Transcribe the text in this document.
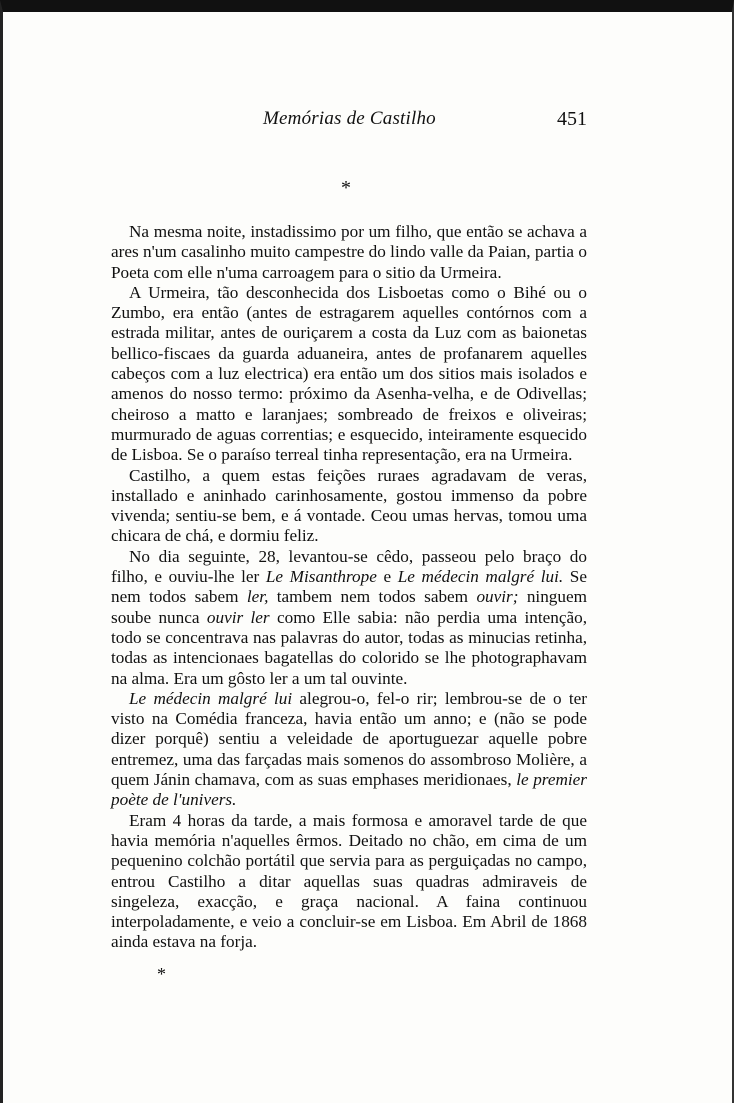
Memórias de Castilho	451
*

Na mesma noite, instadissimo por um filho, que então se achava a ares n'um casalinho muito campestre do lindo valle da Paian, partia o Poeta com elle n'uma carroagem para o sitio da Urmeira.

A Urmeira, tão desconhecida dos Lisboetas como o Bihé ou o Zumbo, era então (antes de estragarem aquelles contórnos com a estrada militar, antes de ouriçarem a costa da Luz com as baionetas bellico-fiscaes da guarda aduaneira, antes de profanarem aquelles cabeços com a luz electrica) era então um dos sitios mais isolados e amenos do nosso termo: próximo da Asenha-velha, e de Odivellas; cheiroso a matto e laranjaes; sombreado de freixos e oliveiras; murmurado de aguas correntias; e esquecido, inteiramente esquecido de Lisboa. Se o paraíso terreal tinha representação, era na Urmeira.

Castilho, a quem estas feições ruraes agradavam de veras, installado e aninhado carinhosamente, gostou immenso da pobre vivenda; sentiu-se bem, e á vontade. Ceou umas hervas, tomou uma chicara de chá, e dormiu feliz.

No dia seguinte, 28, levantou-se cêdo, passeou pelo braço do filho, e ouviu-lhe ler Le Misanthrope e Le médecin malgré lui. Se nem todos sabem ler, tambem nem todos sabem ouvir; ninguem soube nunca ouvir ler como Elle sabia: não perdia uma intenção, todo se concentrava nas palavras do autor, todas as minucias retinha, todas as intencionaes bagatellas do colorido se lhe photographavam na alma. Era um gôsto ler a um tal ouvinte.

Le médecin malgré lui alegrou-o, fel-o rir; lembrou-se de o ter visto na Comédia franceza, havia então um anno; e (não se pode dizer porquê) sentiu a veleidade de aportuguezar aquelle pobre entremez, uma das farçadas mais somenos do assombroso Molière, a quem Jánin chamava, com as suas emphases meridionaes, le premier poète de l'univers.

Eram 4 horas da tarde, a mais formosa e amoravel tarde de que havia memória n'aquelles êrmos. Deitado no chão, em cima de um pequenino colchão portátil que servia para as perguiçadas no campo, entrou Castilho a ditar aquellas suas quadras admiraveis de singeleza, exacção, e graça nacional. A faina continuou interpoladamente, e veio a concluir-se em Lisboa. Em Abril de 1868 ainda estava na forja.

*
